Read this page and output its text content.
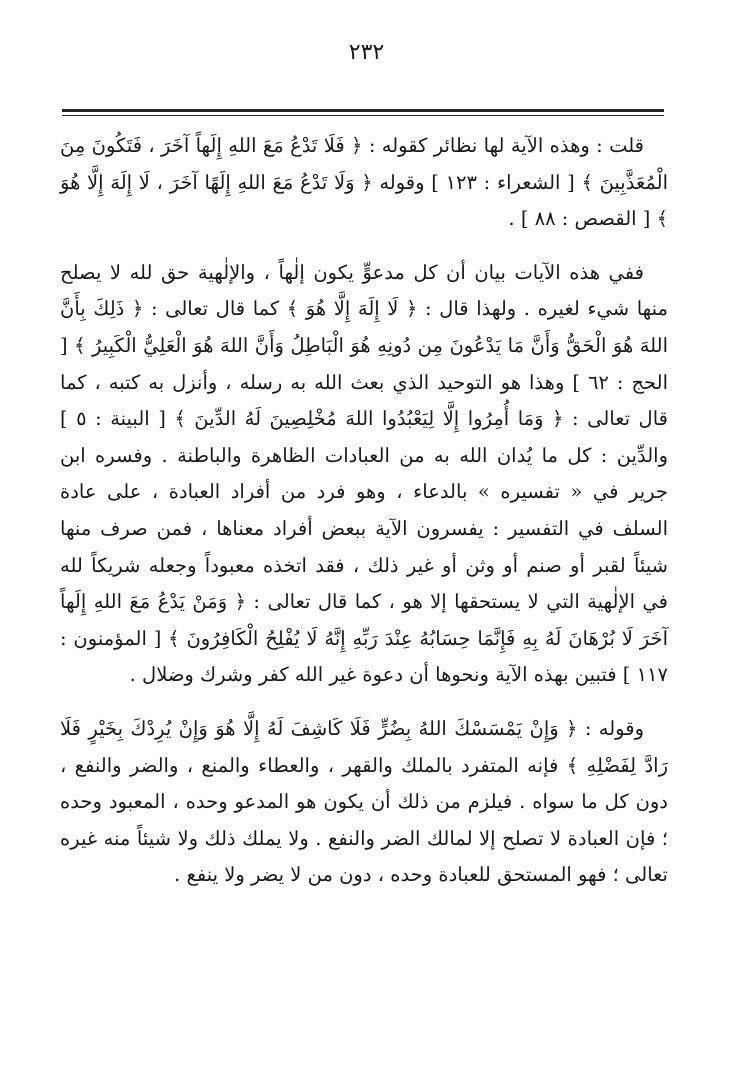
٢٣٢

قلت : وهذه الآية لها نظائر كقوله : ﴿ فَلَا تَدْعُ مَعَ اللهِ إِلَهاً آخَرَ ، فَتَكُونَ مِنَ الْمُعَذَّبِينَ ﴾ [ الشعراء : ١٢٣ ] وقوله ﴿ وَلَا تَدْعُ مَعَ اللهِ إِلَهًا آخَرَ ، لَا إِلَهَ إِلَّا هُوَ ﴾ [ القصص : ٨٨ ] .

ففي هذه الآيات بيان أن كل مدعوٍّ يكون إلٰهاً ، والإلٰهية حق لله لا يصلح منها شيء لغيره . ولهذا قال : ﴿ لَا إِلَهَ إِلَّا هُوَ ﴾ كما قال تعالى : ﴿ ذَلِكَ بِأَنَّ اللهَ هُوَ الْحَقُّ وَأَنَّ مَا يَدْعُونَ مِن دُونِهِ هُوَ الْبَاطِلُ وَأَنَّ اللهَ هُوَ الْعَلِيُّ الْكَبِيرُ ﴾ [ الحج : ٦٢ ] وهذا هو التوحيد الذي بعث الله به رسله ، وأنزل به كتبه ، كما قال تعالى : ﴿ وَمَا أُمِرُوا إِلَّا لِيَعْبُدُوا اللهَ مُخْلِصِينَ لَهُ الدِّينَ ﴾ [ البينة : ٥ ] والدِّين : كل ما يُدان الله به من العبادات الظاهرة والباطنة . وفسره ابن جرير في « تفسيره » بالدعاء ، وهو فرد من أفراد العبادة ، على عادة السلف في التفسير : يفسرون الآية ببعض أفراد معناها ، فمن صرف منها شيئاً لقبر أو صنم أو وثن أو غير ذلك ، فقد اتخذه معبوداً وجعله شريكاً لله في الإلٰهية التي لا يستحقها إلا هو ، كما قال تعالى : ﴿ وَمَنْ يَدْعُ مَعَ اللهِ إِلَهاً آخَرَ لَا بُرْهَانَ لَهُ بِهِ فَإِنَّمَا حِسَابُهُ عِنْدَ رَبِّهِ إِنَّهُ لَا يُفْلِحُ الْكَافِرُونَ ﴾ [ المؤمنون : ١١٧ ] فتبين بهذه الآية ونحوها أن دعوة غير الله كفر وشرك وضلال .

وقوله : ﴿ وَإِنْ يَمْسَسْكَ اللهُ بِضُرٍّ فَلَا كَاشِفَ لَهُ إِلَّا هُوَ وَإِنْ يُرِدْكَ بِخَيْرٍ فَلَا رَادَّ لِفَضْلِهِ ﴾ فإنه المتفرد بالملك والقهر ، والعطاء والمنع ، والضر والنفع ، دون كل ما سواه . فيلزم من ذلك أن يكون هو المدعو وحده ، المعبود وحده ؛ فإن العبادة لا تصلح إلا لمالك الضر والنفع . ولا يملك ذلك ولا شيئاً منه غيره تعالى ؛ فهو المستحق للعبادة وحده ، دون من لا يضر ولا ينفع .
